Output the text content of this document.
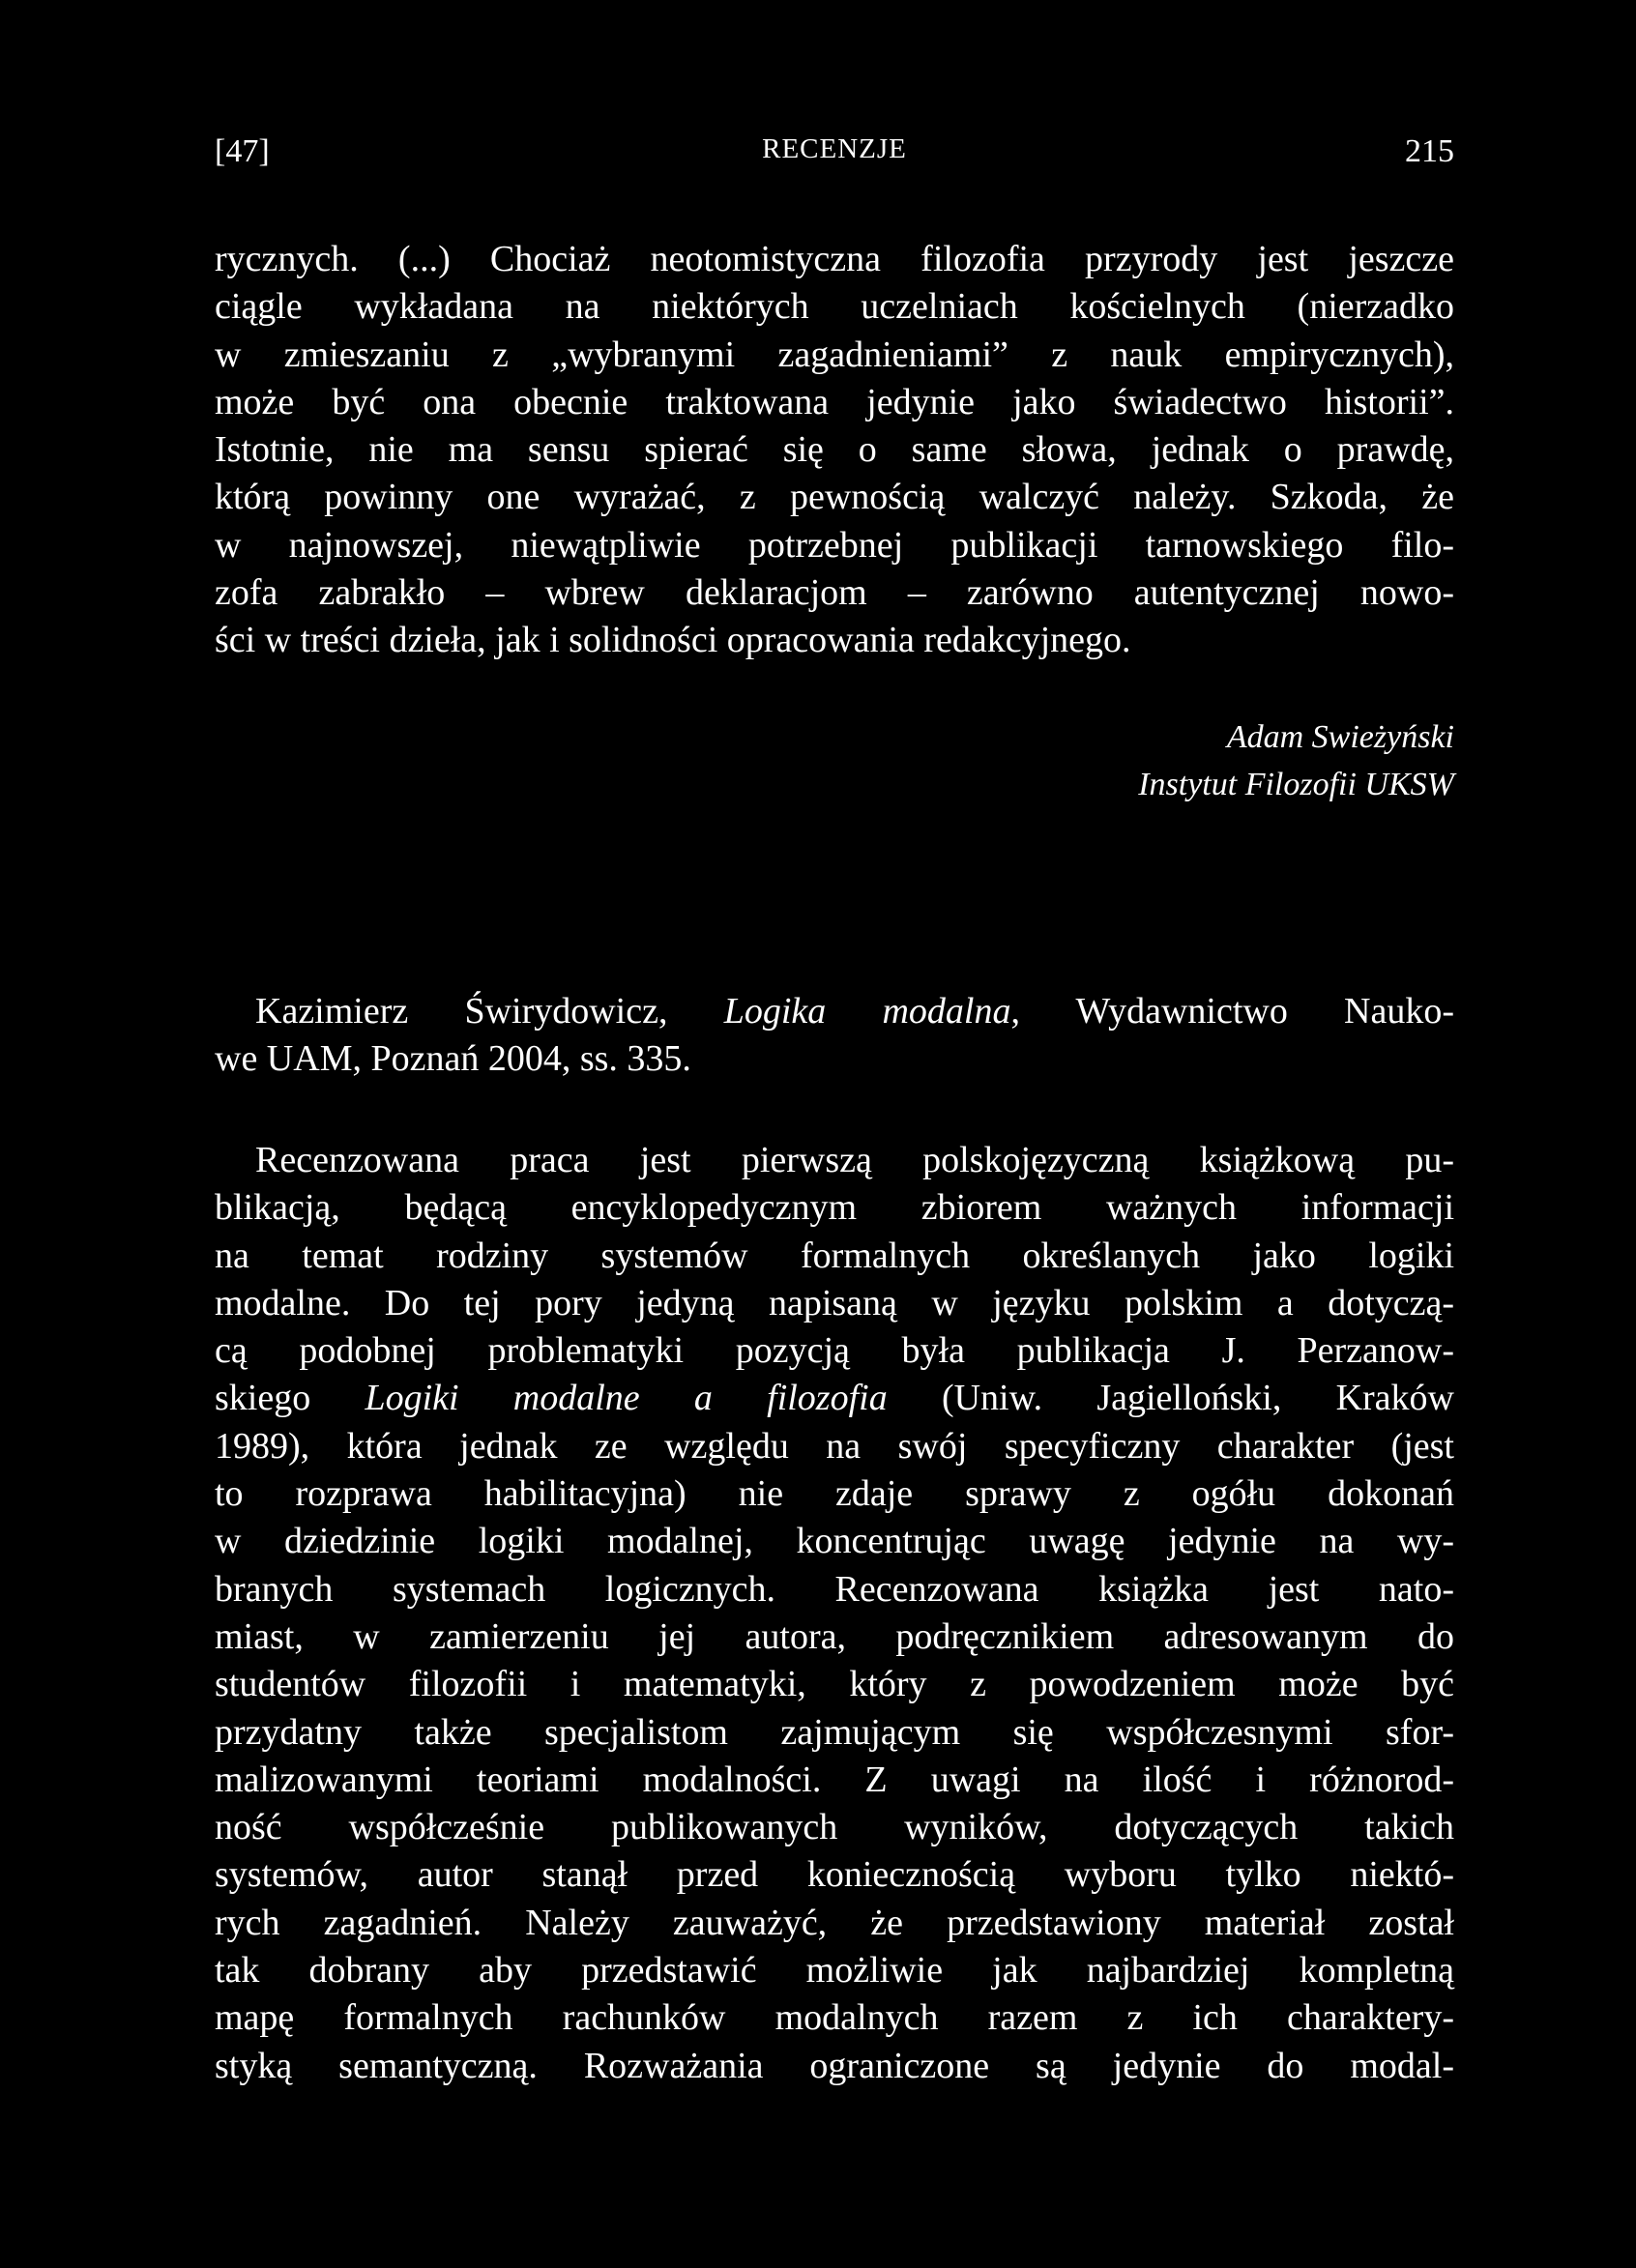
[47]	RECENZJE	215
rycznych. (...) Chociaż neotomistyczna filozofia przyrody jest jeszcze
ciągle wykładana na niektórych uczelniach kościelnych (nierzadko
w zmieszaniu z „wybranymi zagadnieniami” z nauk empirycznych),
może być ona obecnie traktowana jedynie jako świadectwo historii”.
Istotnie, nie ma sensu spierać się o same słowa, jednak o prawdę,
którą powinny one wyrażać, z pewnością walczyć należy. Szkoda, że
w najnowszej, niewątpliwie potrzebnej publikacji tarnowskiego filo-
zofa zabrakło – wbrew deklaracjom – zarówno autentycznej nowo-
ści w treści dzieła, jak i solidności opracowania redakcyjnego.
Adam Swieżyński
Instytut Filozofii UKSW
Kazimierz Świrydowicz, Logika modalna, Wydawnictwo Nauko-
we UAM, Poznań 2004, ss. 335.
Recenzowana praca jest pierwszą polskojęzyczną książkową pu-
blikacją, będącą encyklopedycznym zbiorem ważnych informacji
na temat rodziny systemów formalnych określanych jako logiki
modalne. Do tej pory jedyną napisaną w języku polskim a dotyczą-
cą podobnej problematyki pozycją była publikacja J. Perzanow-
skiego Logiki modalne a filozofia (Uniw. Jagielloński, Kraków
1989), która jednak ze względu na swój specyficzny charakter (jest
to rozprawa habilitacyjna) nie zdaje sprawy z ogółu dokonań
w dziedzinie logiki modalnej, koncentrując uwagę jedynie na wy-
branych systemach logicznych. Recenzowana książka jest nato-
miast, w zamierzeniu jej autora, podręcznikiem adresowanym do
studentów filozofii i matematyki, który z powodzeniem może być
przydatny także specjalistom zajmującym się współczesnymi sfor-
malizowanymi teoriami modalności. Z uwagi na ilość i różnorod-
ność współcześnie publikowanych wyników, dotyczących takich
systemów, autor stanął przed koniecznością wyboru tylko niektó-
rych zagadnień. Należy zauważyć, że przedstawiony materiał został
tak dobrany aby przedstawić możliwie jak najbardziej kompletną
mapę formalnych rachunków modalnych razem z ich charaktery-
styką semantyczną. Rozważania ograniczone są jedynie do modal-
